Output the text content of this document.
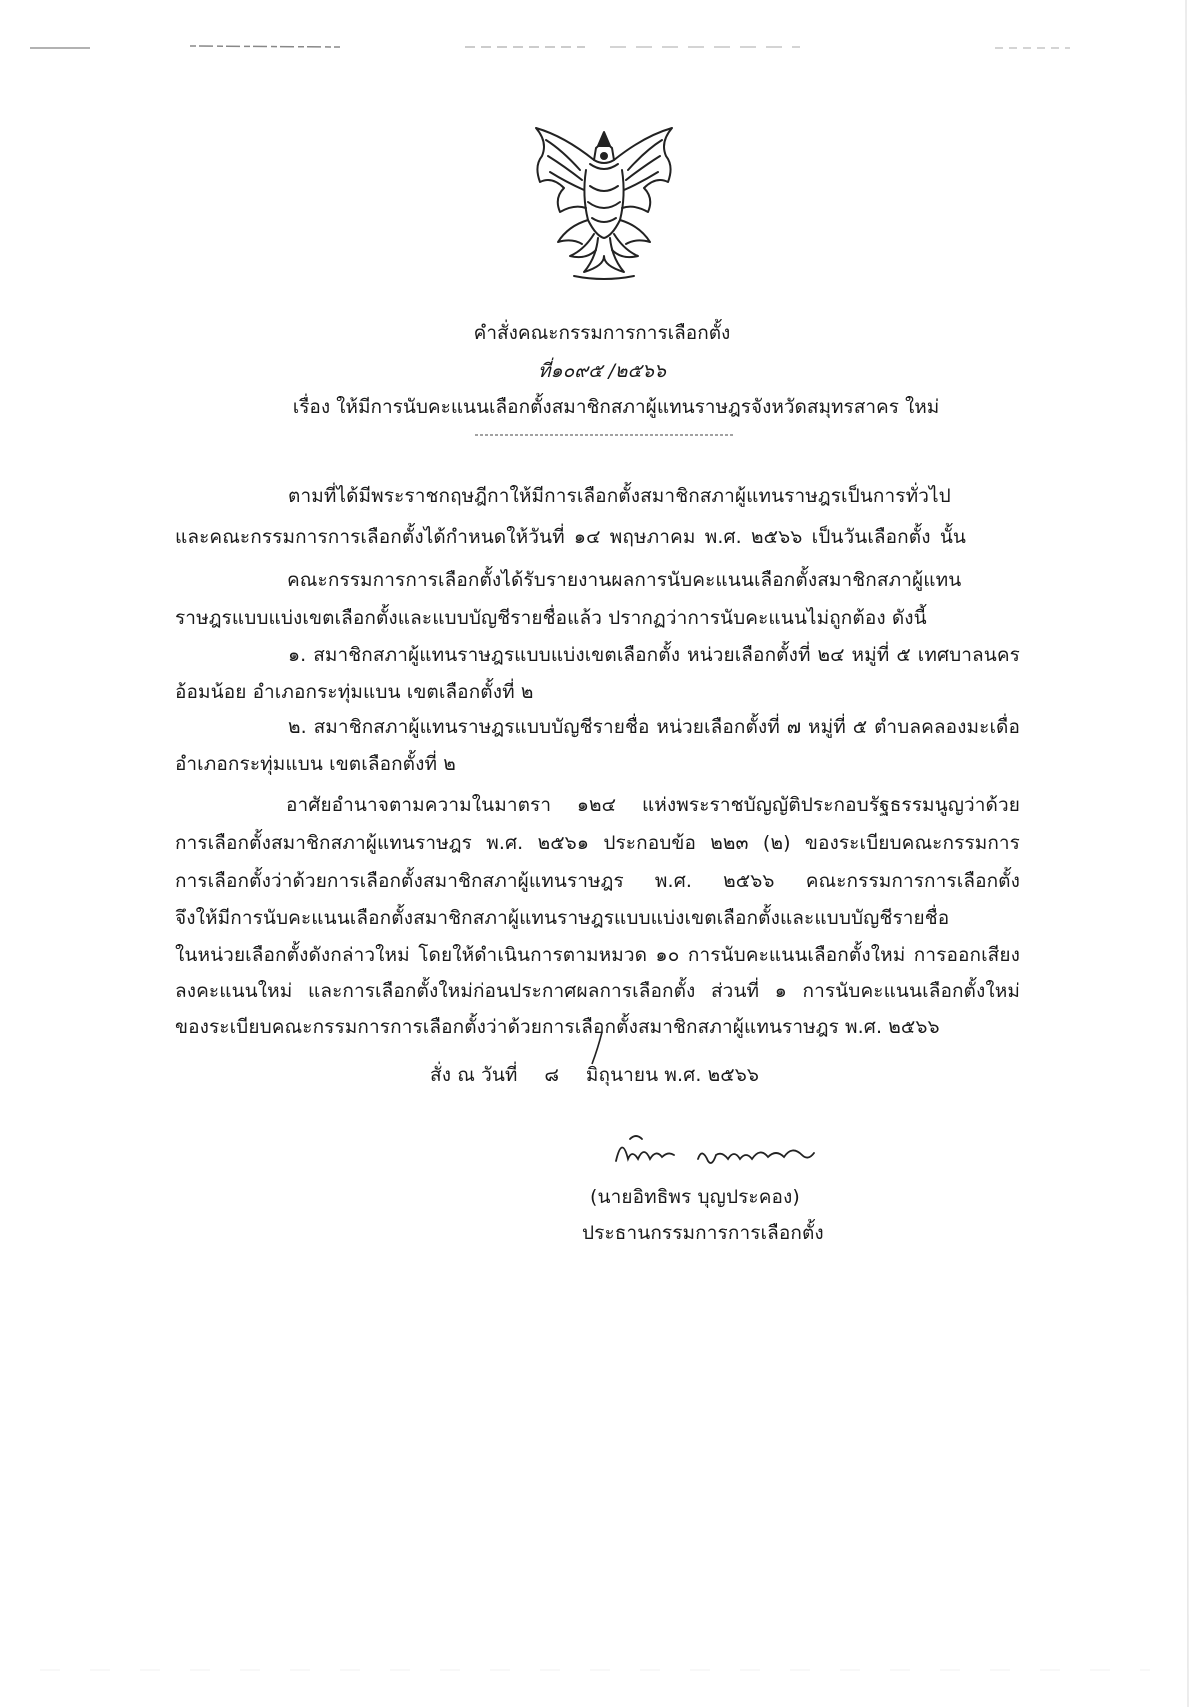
คำสั่งคณะกรรมการการเลือกตั้ง
ที่๑๐๙๕ /๒๕๖๖
เรื่อง ให้มีการนับคะแนนเลือกตั้งสมาชิกสภาผู้แทนราษฎรจังหวัดสมุทรสาคร ใหม่
ตามที่ได้มีพระราชกฤษฎีกาให้มีการเลือกตั้งสมาชิกสภาผู้แทนราษฎรเป็นการทั่วไป
และคณะกรรมการการเลือกตั้งได้กำหนดให้วันที่ ๑๔ พฤษภาคม พ.ศ. ๒๕๖๖ เป็นวันเลือกตั้ง นั้น
คณะกรรมการการเลือกตั้งได้รับรายงานผลการนับคะแนนเลือกตั้งสมาชิกสภาผู้แทน
ราษฎรแบบแบ่งเขตเลือกตั้งและแบบบัญชีรายชื่อแล้ว ปรากฏว่าการนับคะแนนไม่ถูกต้อง ดังนี้
๑. สมาชิกสภาผู้แทนราษฎรแบบแบ่งเขตเลือกตั้ง หน่วยเลือกตั้งที่ ๒๔ หมู่ที่ ๕ เทศบาลนคร
อ้อมน้อย อำเภอกระทุ่มแบน เขตเลือกตั้งที่ ๒
๒. สมาชิกสภาผู้แทนราษฎรแบบบัญชีรายชื่อ หน่วยเลือกตั้งที่ ๗ หมู่ที่ ๕ ตำบลคลองมะเดื่อ
อำเภอกระทุ่มแบน เขตเลือกตั้งที่ ๒
อาศัยอำนาจตามความในมาตรา ๑๒๔ แห่งพระราชบัญญัติประกอบรัฐธรรมนูญว่าด้วย
การเลือกตั้งสมาชิกสภาผู้แทนราษฎร พ.ศ. ๒๕๖๑ ประกอบข้อ ๒๒๓ (๒) ของระเบียบคณะกรรมการ
การเลือกตั้งว่าด้วยการเลือกตั้งสมาชิกสภาผู้แทนราษฎร พ.ศ. ๒๕๖๖ คณะกรรมการการเลือกตั้ง
จึงให้มีการนับคะแนนเลือกตั้งสมาชิกสภาผู้แทนราษฎรแบบแบ่งเขตเลือกตั้งและแบบบัญชีรายชื่อ
ในหน่วยเลือกตั้งดังกล่าวใหม่ โดยให้ดำเนินการตามหมวด ๑๐ การนับคะแนนเลือกตั้งใหม่ การออกเสียง
ลงคะแนนใหม่ และการเลือกตั้งใหม่ก่อนประกาศผลการเลือกตั้ง ส่วนที่ ๑ การนับคะแนนเลือกตั้งใหม่
ของระเบียบคณะกรรมการการเลือกตั้งว่าด้วยการเลือกตั้งสมาชิกสภาผู้แทนราษฎร พ.ศ. ๒๕๖๖
สั่ง ณ วันที่ ๘ มิถุนายน พ.ศ. ๒๕๖๖
(นายอิทธิพร บุญประคอง)
ประธานกรรมการการเลือกตั้ง
